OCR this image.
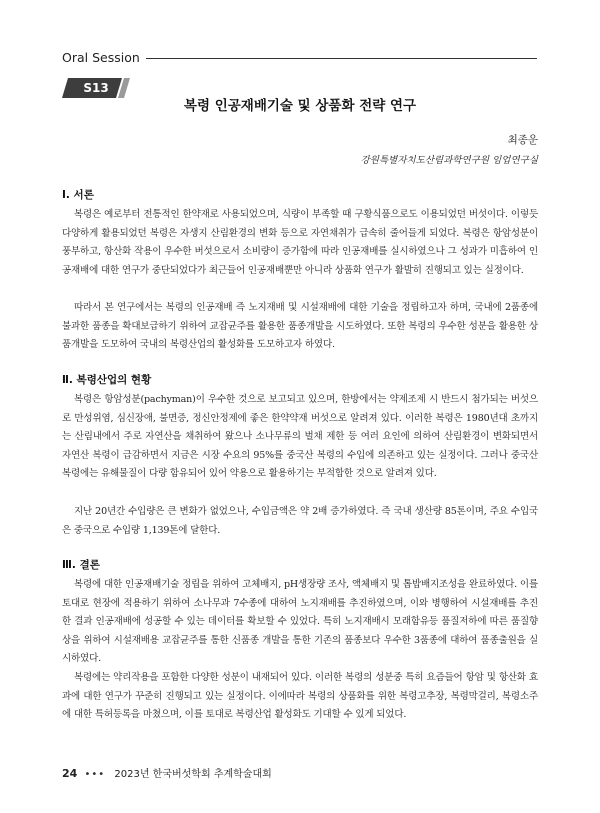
Oral Session
S13
복령 인공재배기술 및 상품화 전략 연구
최종운
강원특별자치도산림과학연구원 임업연구실
Ⅰ. 서론

복령은 예로부터 전통적인 한약재로 사용되었으며, 식량이 부족할 때 구황식품으로도 이용되었던 버섯이다. 이렇듯 다양하게 활용되었던 복령은 자생지 산림환경의 변화 등으로 자연채취가 급속히 줄어들게 되었다. 복령은 항암성분이 풍부하고, 항산화 작용이 우수한 버섯으로서 소비량이 증가함에 따라 인공재배를 실시하였으나 그 성과가 미흡하여 인공재배에 대한 연구가 중단되었다가 최근들어 인공재배뿐만 아니라 상품화 연구가 활발히 진행되고 있는 실정이다.

따라서 본 연구에서는 복령의 인공재배 즉 노지재배 및 시설재배에 대한 기술을 정립하고자 하며, 국내에 2품종에 불과한 품종을 확대보급하기 위하여 교잡균주를 활용한 품종개발을 시도하였다. 또한 복령의 우수한 성분을 활용한 상품개발을 도모하여 국내의 복령산업의 활성화를 도모하고자 하였다.

Ⅱ. 복령산업의 현황

복령은 항암성분(pachyman)이 우수한 것으로 보고되고 있으며, 한방에서는 약제조제 시 반드시 첨가되는 버섯으로 만성위염, 심신장애, 불면증, 정신안정제에 좋은 한약약재 버섯으로 알려져 있다. 이러한 복령은 1980년대 초까지는 산림내에서 주로 자연산을 채취하여 왔으나 소나무류의 벌채 제한 등 여러 요인에 의하여 산림환경이 변화되면서 자연산 복령이 급감하면서 지금은 시장 수요의 95%를 중국산 복령의 수입에 의존하고 있는 실정이다. 그러나 중국산 복령에는 유해물질이 다량 함유되어 있어 약용으로 활용하기는 부적합한 것으로 알려져 있다.

지난 20년간 수입량은 큰 변화가 없었으나, 수입금액은 약 2배 증가하였다. 즉 국내 생산량 85톤이며, 주요 수입국은 중국으로 수입량 1,139톤에 달한다.

Ⅲ. 결론

복령에 대한 인공재배기술 정립을 위하여 고체배지, pH생장량 조사, 액체배지 및 톱밥배지조성을 완료하였다. 이를 토대로 현장에 적용하기 위하여 소나무과 7수종에 대하여 노지재배를 추진하였으며, 이와 병행하여 시설재배를 추진한 결과 인공재배에 성공할 수 있는 데이터를 확보할 수 있었다. 특히 노지재배시 모래함유등 품질저하에 따른 품질향상을 위하여 시설재배용 교잡균주를 통한 신품종 개발을 통한 기존의 품종보다 우수한 3품종에 대하여 품종출원을 실시하였다.

복령에는 약리작용을 포함한 다양한 성분이 내재되어 있다. 이러한 복령의 성분중 특히 요즘들어 항암 및 항산화 효과에 대한 연구가 꾸준히 진행되고 있는 실정이다. 이에따라 복령의 상품화를 위한 복령고추장, 복령막걸리, 복령소주에 대한 특허등록을 마쳤으며, 이를 토대로 복령산업 활성화도 기대할 수 있게 되었다.

24 ••• 2023년 한국버섯학회 추계학술대회
